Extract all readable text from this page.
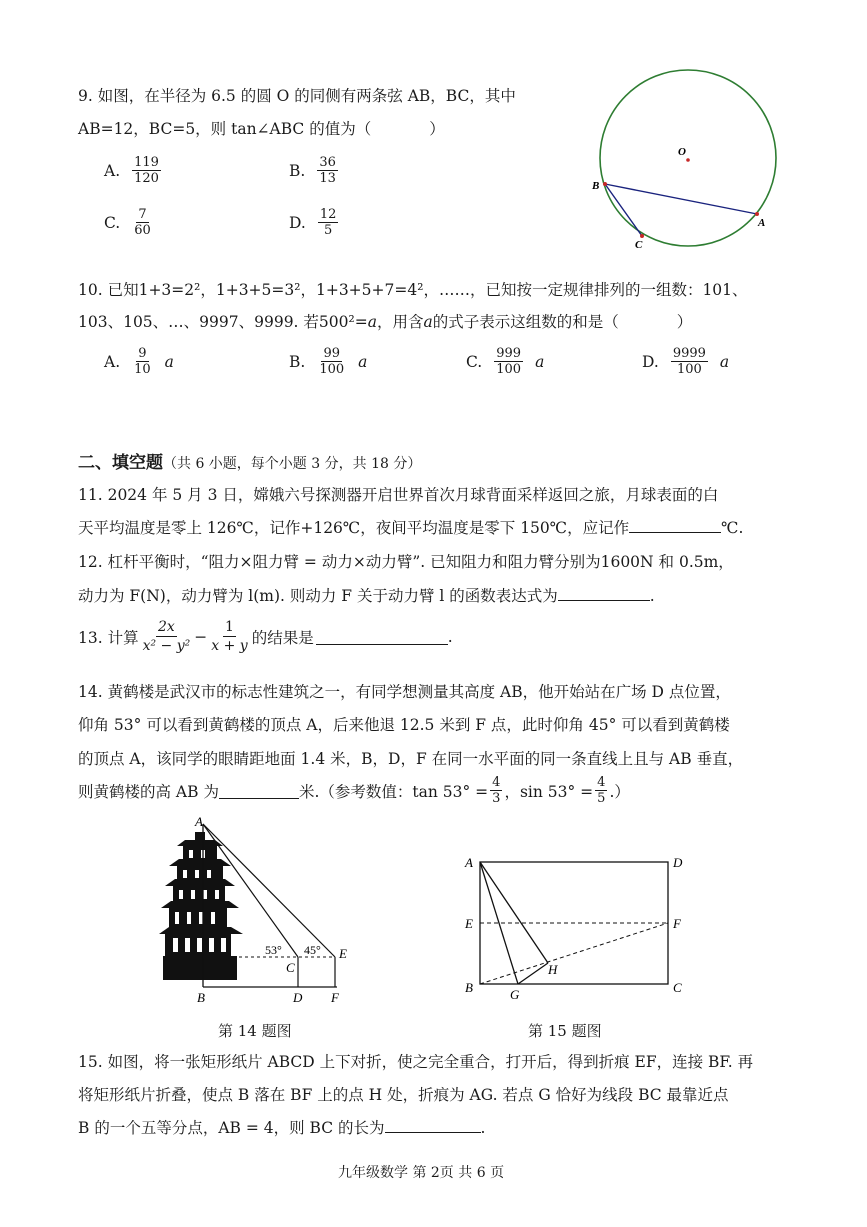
9. 如图，在半径为 6.5 的圆 O 的同侧有两条弦 AB，BC，其中
AB=12，BC=5，则 tan∠ABC 的值为（	）
A. $\frac{119}{120}$	B. $\frac{36}{13}$
C. $\frac{7}{60}$	D. $\frac{12}{5}$
O
B
A
C
10. 已知1+3=2²，1+3+5=3²，1+3+5+7=4²，……，已知按一定规律排列的一组数：101、
103、105、…、9997、9999. 若500²=a，用含a的式子表示这组数的和是（	）
A. $\frac{9}{10}$ a	B. $\frac{99}{100}$ a	C. $\frac{999}{100}$ a	D. $\frac{9999}{100}$ a
二、填空题（共 6 小题，每个小题 3 分，共 18 分）
11. 2024 年 5 月 3 日，嫦娥六号探测器开启世界首次月球背面采样返回之旅，月球表面的白
天平均温度是零上 126℃，记作+126℃，夜间平均温度是零下 150℃，应记作	℃.
12. 杠杆平衡时，“阻力×阻力臂 = 动力×动力臂”. 已知阻力和阻力臂分别为1600N 和 0.5m，
动力为 F(N)，动力臂为 l(m). 则动力 F 关于动力臂 l 的函数表达式为	.
13. 计算 $\frac{2x}{\text{x² − y²}} - \frac{1}{x + y}$ 的结果是	.
14. 黄鹤楼是武汉市的标志性建筑之一，有同学想测量其高度 AB，他开始站在广场 D 点位置，
仰角 53° 可以看到黄鹤楼的顶点 A，后来他退 12.5 米到 F 点，此时仰角 45° 可以看到黄鹤楼
的顶点 A，该同学的眼睛距地面 1.4 米，B，D，F 在同一水平面的同一条直线上且与 AB 垂直，
则黄鹤楼的高 AB 为	米.（参考数值：$\tan 53^\circ = \frac{4}{3}$ ，$\sin 53^\circ = \frac{4}{5}$ .）
A
B
C
D
E
F
53° 45°
第 14 题图
A	D
E	F
B	G
H
C
第 15 题图
15. 如图，将一张矩形纸片 ABCD 上下对折，使之完全重合，打开后，得到折痕 EF，连接 BF. 再
将矩形纸片折叠，使点 B 落在 BF 上的点 H 处，折痕为 AG. 若点 G 恰好为线段 BC 最靠近点
B 的一个五等分点，AB = 4，则 BC 的长为	.
九年级数学 第 2页 共 6 页
